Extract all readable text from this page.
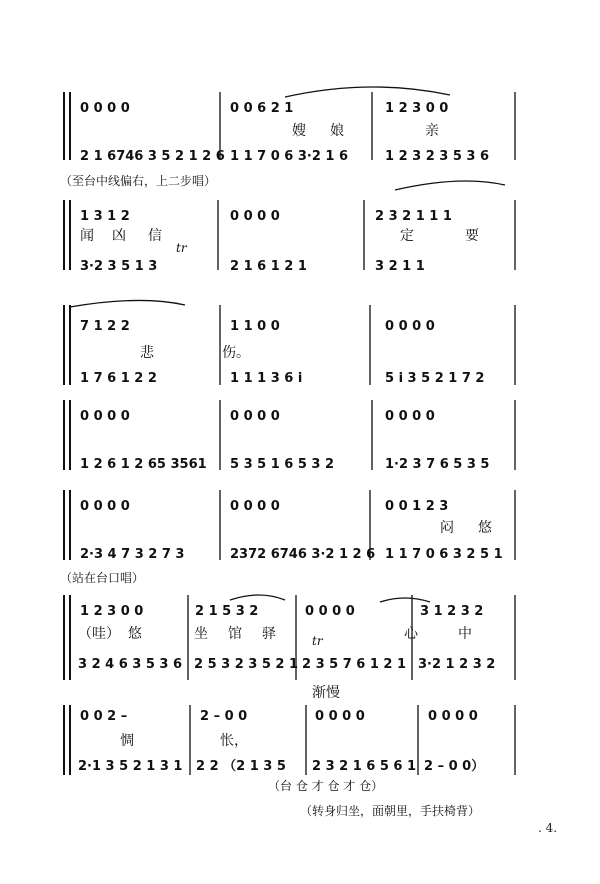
0 0 0 0	0 0 6 2 1	1 2 3 0 0
嫂 娘	亲
2 1 6746 3 5 2 1 2 6 1 1 7 0 6 3·2 1 6	1 2 3 2 3 5 3 6
（至台中线偏右，上二步唱）
1 3 1 2	0 0 0 0	2 3 2 1 1 1
闻 凶 信	定	要
tr
3·2 3 5 1 3	2 1 6 1 2 1	3 2 1 1
7 1 2 2	1 1 0 0	0 0 0 0
悲	伤。
1 7 6 1 2 2	1 1 1 3 6 i	5 i 3 5 2 1 7 2
0 0 0 0	0 0 0 0	0 0 0 0
1 2 6 1 2 65 3561 5 3 5 1 6 5 3 2	1·2 3 7 6 5 3 5
0 0 0 0	0 0 0 0	0 0 1 2 3
闷 悠
2·3 4 7 3 2 7 3	2372 6746 3·2 1 2 6 1 1 7 0 6 3 2 5 1
（站在台口唱）
1 2 3 0 0	2 1 5 3 2	0 0 0 0	3 1 2 3 2
（哇） 悠	坐 馆 驿	心	中
tr
3 2 4 6 3 5 3 6 2 5 3 2 3 5 2 1 2 3 5 7 6 1 2 1 3·2 1 2 3 2
渐慢
0 0 2 –	2 – 0 0	0 0 0 0	0 0 0 0
惆	怅，
2·1 3 5 2 1 3 1 2 2 （2 1 3 5 2 3 2 1 6 5 6 1 2 – 0 0）
（台 仓 才 仓 才 仓）
（转身归坐，面朝里，手扶椅背）
. 4.
